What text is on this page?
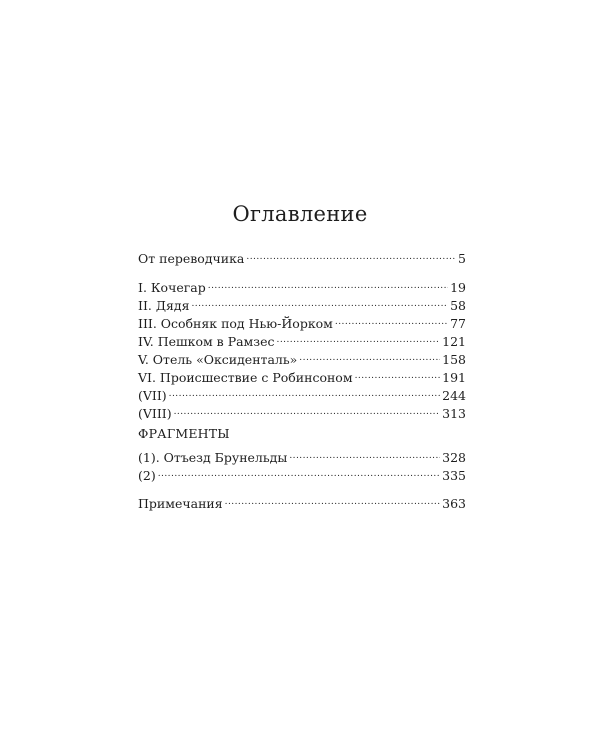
Оглавление
От переводчика . . .	5
I. Кочегар . . .	19
II. Дядя . . .	58
III. Особняк под Нью-Йорком . . .	77
IV. Пешком в Рамзес . . .	121
V. Отель «Оксиденталь» . . .	158
VI. Происшествие с Робинсоном . . .	191
(VII) . . .	244
(VIII) . . .	313
ФРАГМЕНТЫ
(1). Отъезд Брунельды . . .	328
(2) . . .	335
Примечания . . .	363
